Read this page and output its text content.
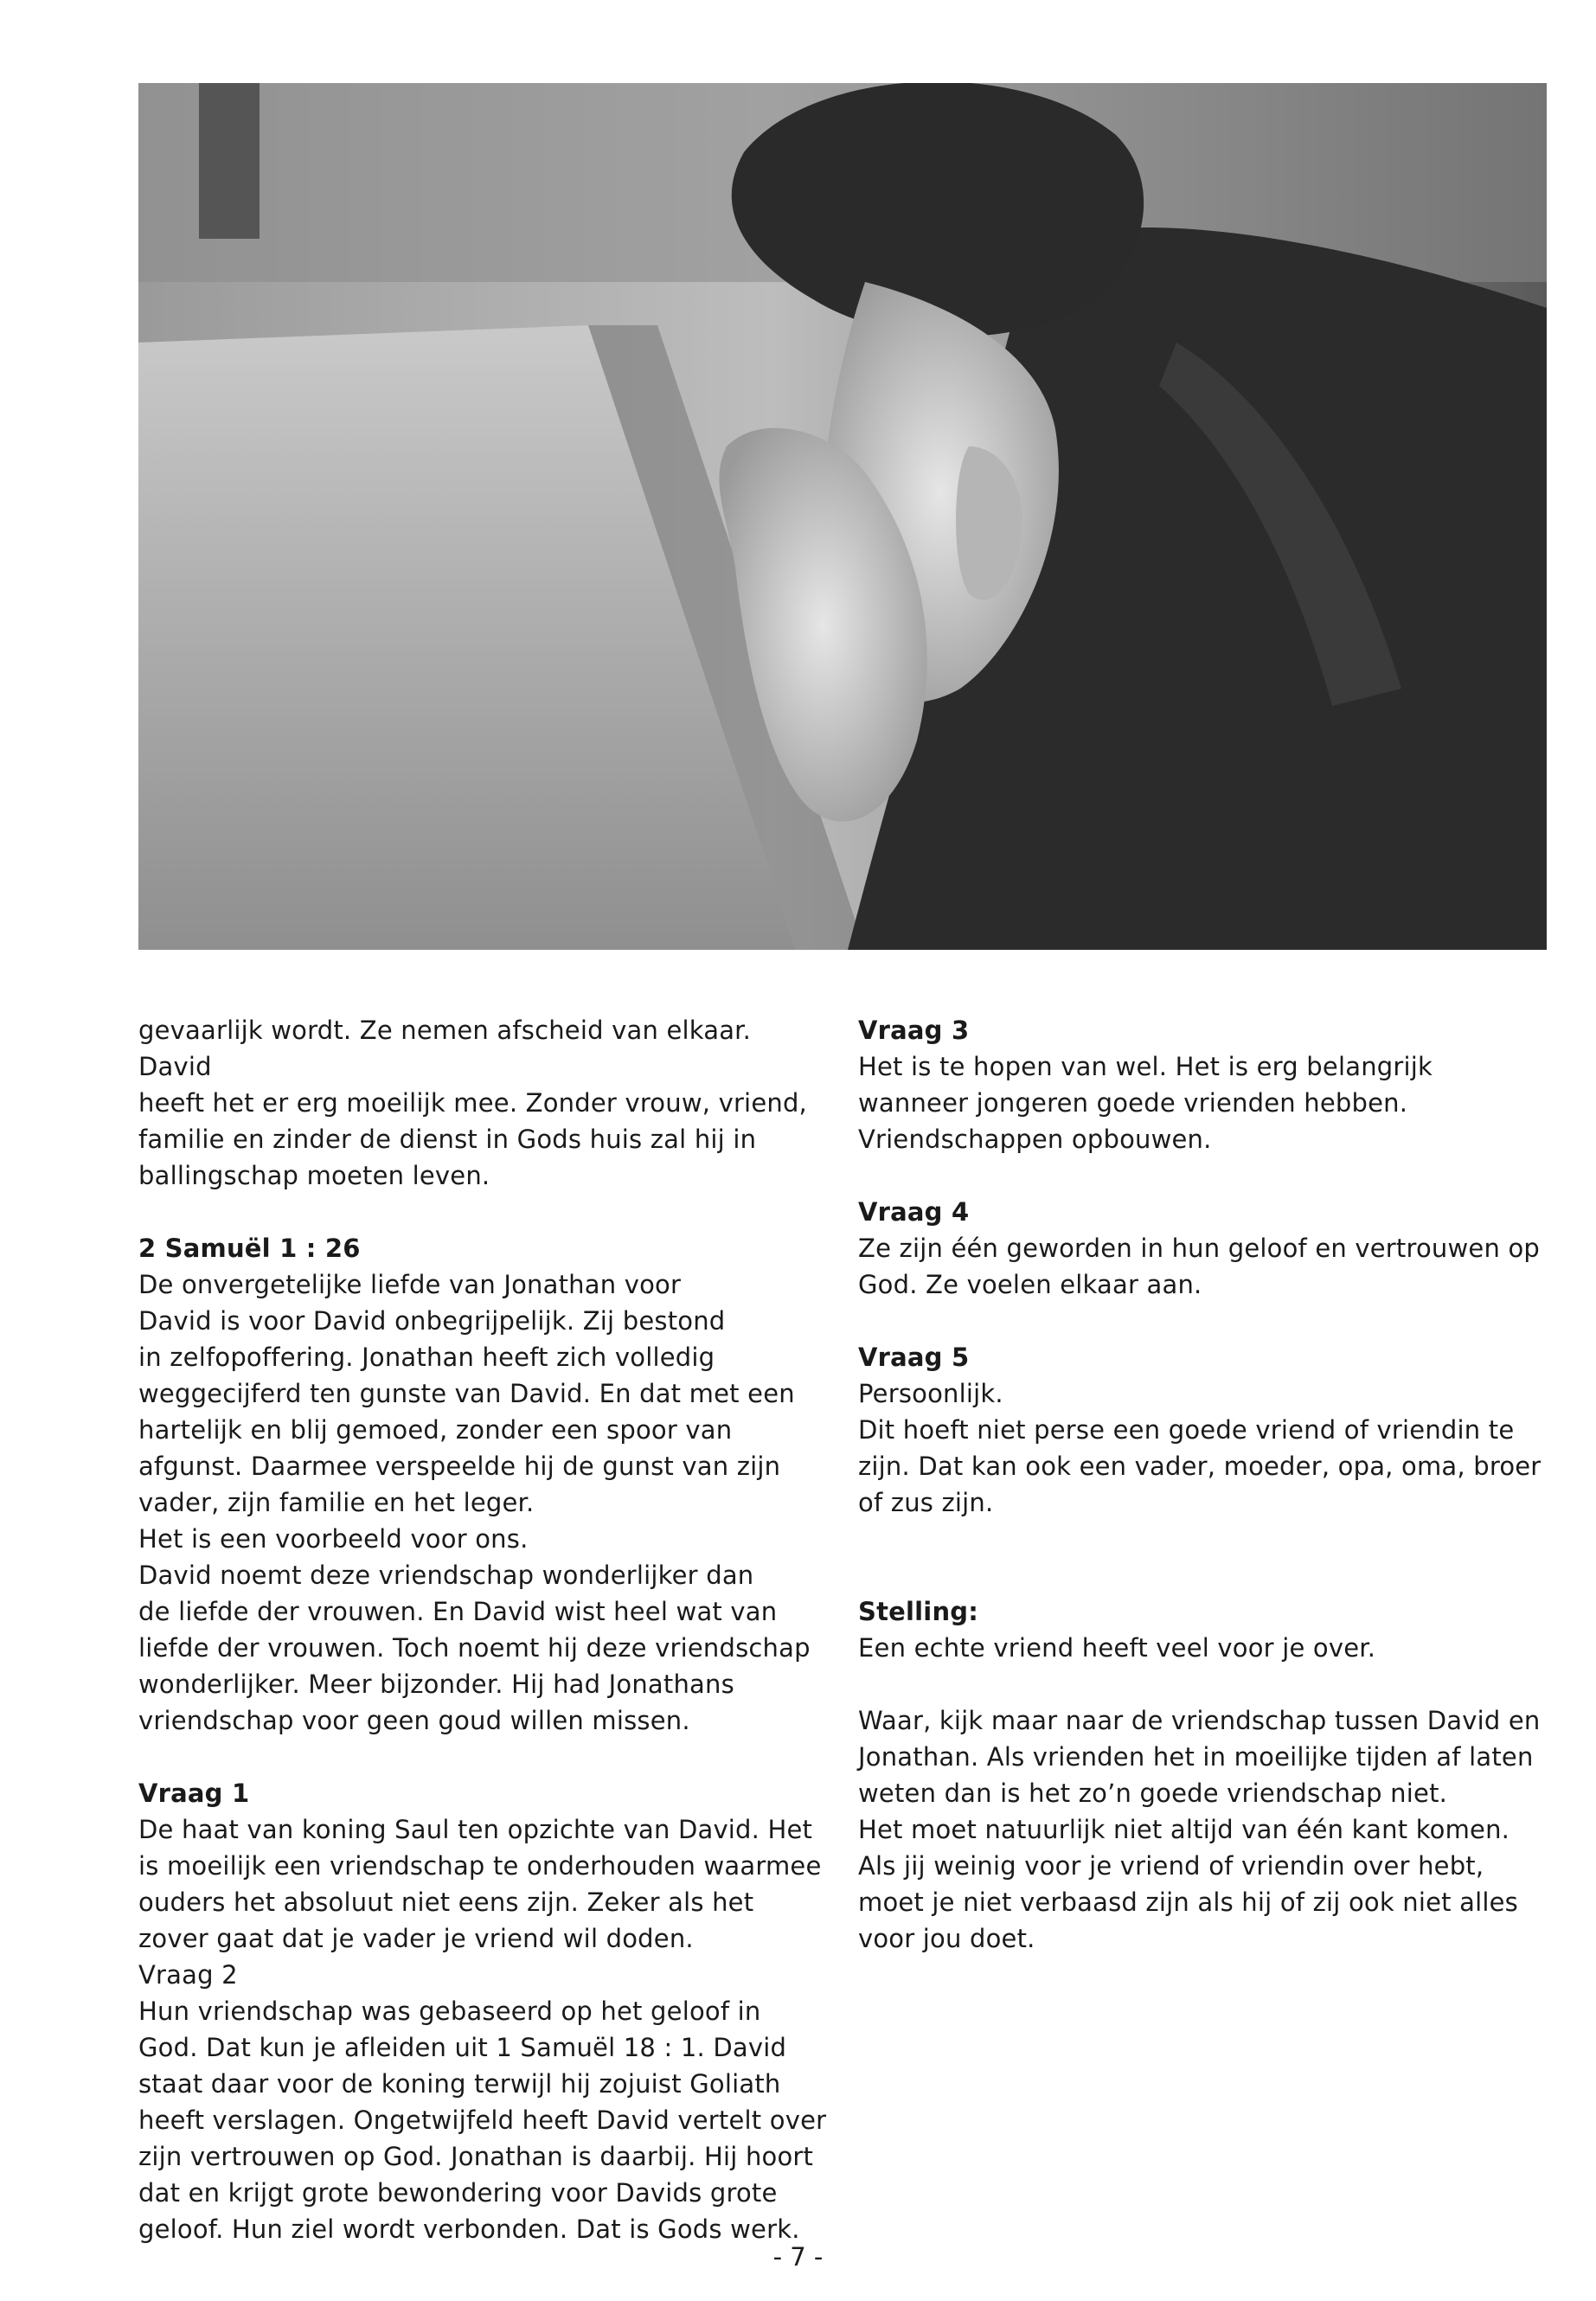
gevaarlijk wordt. Ze nemen afscheid van elkaar. David

heeft het er erg moeilijk mee. Zonder vrouw, vriend,

familie en zinder de dienst in Gods huis zal hij in

ballingschap moeten leven.

2 Samuël 1 : 26

De onvergetelijke liefde van Jonathan voor

David is voor David onbegrijpelijk. Zij bestond

in zelfopoffering. Jonathan heeft zich volledig

weggecijferd ten gunste van David. En dat met een

hartelijk en blij gemoed, zonder een spoor van

afgunst. Daarmee verspeelde hij de gunst van zijn

vader, zijn familie en het leger.

Het is een voorbeeld voor ons.

David noemt deze vriendschap wonderlijker dan

de liefde der vrouwen. En David wist heel wat van

liefde der vrouwen. Toch noemt hij deze vriendschap

wonderlijker. Meer bijzonder. Hij had Jonathans

vriendschap voor geen goud willen missen.

Vraag 1

De haat van koning Saul ten opzichte van David. Het

is moeilijk een vriendschap te onderhouden waarmee

ouders het absoluut niet eens zijn. Zeker als het

zover gaat dat je vader je vriend wil doden.

Vraag 2

Hun vriendschap was gebaseerd op het geloof in

God. Dat kun je afleiden uit 1 Samuël 18 : 1. David

staat daar voor de koning terwijl hij zojuist Goliath

heeft verslagen. Ongetwijfeld heeft David vertelt over

zijn vertrouwen op God. Jonathan is daarbij. Hij hoort

dat en krijgt grote bewondering voor Davids grote

geloof. Hun ziel wordt verbonden. Dat is Gods werk.

Vraag 3

Het is te hopen van wel. Het is erg belangrijk

wanneer jongeren goede vrienden hebben.

Vriendschappen opbouwen.

Vraag 4

Ze zijn één geworden in hun geloof en vertrouwen op

God. Ze voelen elkaar aan.

Vraag 5

Persoonlijk.

Dit hoeft niet perse een goede vriend of vriendin te

zijn. Dat kan ook een vader, moeder, opa, oma, broer

of zus zijn.

Stelling:

Een echte vriend heeft veel voor je over.

Waar, kijk maar naar de vriendschap tussen David en

Jonathan. Als vrienden het in moeilijke tijden af laten

weten dan is het zo’n goede vriendschap niet.

Het moet natuurlijk niet altijd van één kant komen.

Als jij weinig voor je vriend of vriendin over hebt,

moet je niet verbaasd zijn als hij of zij ook niet alles

voor jou doet.

- 7 -
